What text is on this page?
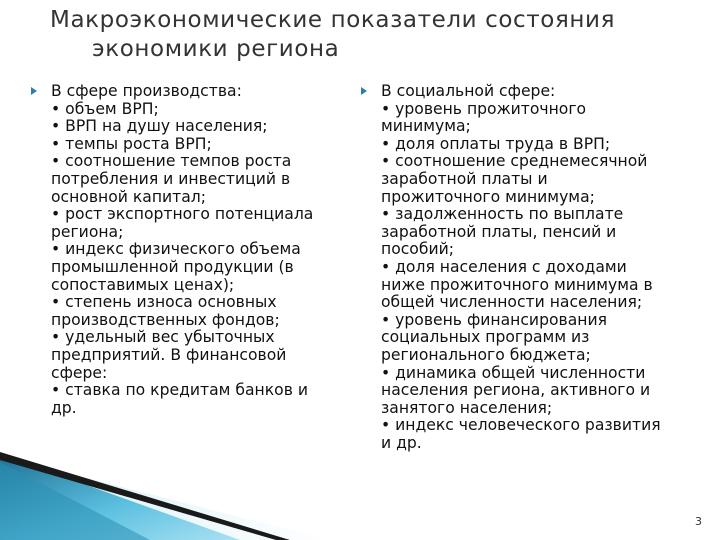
Макроэкономические показатели состояния
экономики региона
В сфере производства:
• объем ВРП;
• ВРП на душу населения;
• темпы роста ВРП;
• соотношение темпов роста
потребления и инвестиций в
основной капитал;
• рост экспортного потенциала
региона;
• индекс физического объема
промышленной продукции (в
сопоставимых ценах);
• степень износа основных
производственных фондов;
• удельный вес убыточных
предприятий. В финансовой
сфере:
• ставка по кредитам банков и
др.
В социальной сфере:
• уровень прожиточного
минимума;
• доля оплаты труда в ВРП;
• соотношение среднемесячной
заработной платы и
прожиточного минимума;
• задолженность по выплате
заработной платы, пенсий и
пособий;
• доля населения с доходами
ниже прожиточного минимума в
общей численности населения;
• уровень финансирования
социальных программ из
регионального бюджета;
• динамика общей численности
населения региона, активного и
занятого населения;
• индекс человеческого развития
и др.
3
